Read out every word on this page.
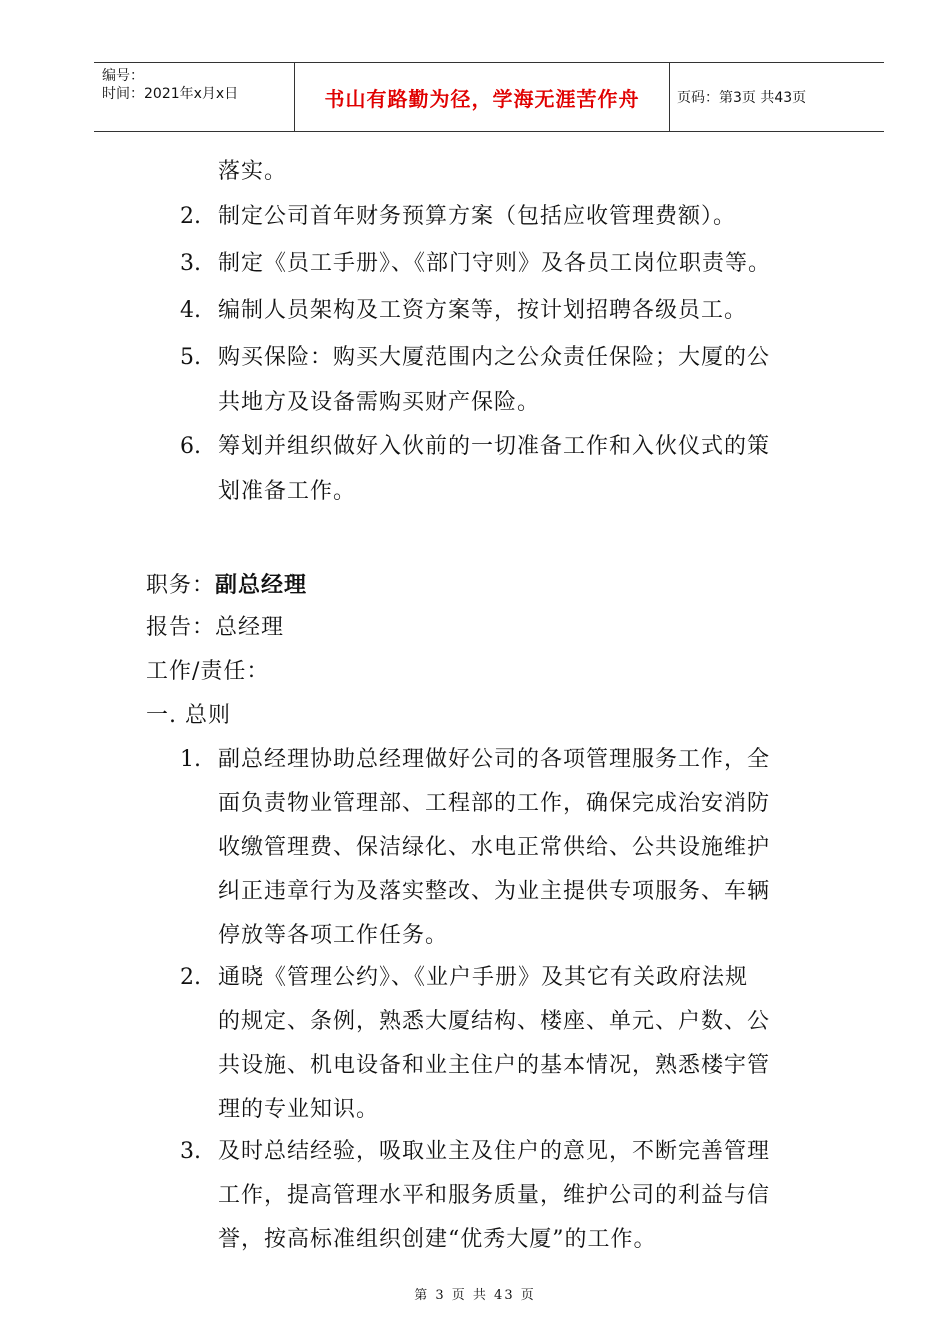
编号：
时间：2021年x月x日	书山有路勤为径，学海无涯苦作舟	页码：第3页 共43页
落实。
2. 制定公司首年财务预算方案（包括应收管理费额）。
3. 制定《员工手册》、《部门守则》及各员工岗位职责等。
4. 编制人员架构及工资方案等，按计划招聘各级员工。
5. 购买保险：购买大厦范围内之公众责任保险；大厦的公
共地方及设备需购买财产保险。
6. 筹划并组织做好入伙前的一切准备工作和入伙仪式的策
划准备工作。
职务：副总经理
报告：总经理
工作/责任：
一. 总则
1. 副总经理协助总经理做好公司的各项管理服务工作，全
面负责物业管理部、工程部的工作，确保完成治安消防
收缴管理费、保洁绿化、水电正常供给、公共设施维护
纠正违章行为及落实整改、为业主提供专项服务、车辆
停放等各项工作任务。
2. 通晓《管理公约》、《业户手册》及其它有关政府法规
的规定、条例，熟悉大厦结构、楼座、单元、户数、公
共设施、机电设备和业主住户的基本情况，熟悉楼宇管
理的专业知识。
3. 及时总结经验，吸取业主及住户的意见，不断完善管理
工作，提高管理水平和服务质量，维护公司的利益与信
誉，按高标准组织创建“优秀大厦”的工作。
第 3 页 共 43 页
